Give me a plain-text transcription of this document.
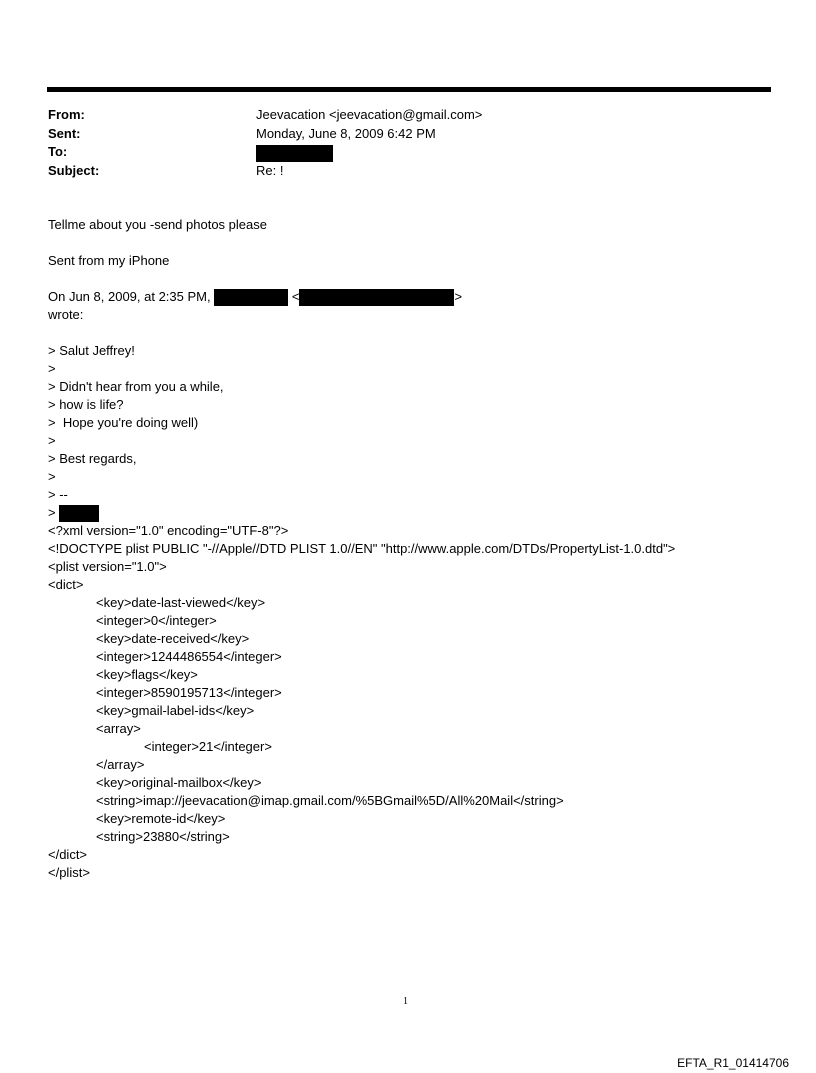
From:	Jeevacation <jeevacation@gmail.com>
Sent:	Monday, June 8, 2009 6:42 PM
To:
Subject:	Re: !
Tellme about you -send photos please
Sent from my iPhone
On Jun 8, 2009, at 2:35 PM,	<	>
wrote:
> Salut Jeffrey!
>
> Didn't hear from you a while,
> how is life?
>  Hope you're doing well)
>
> Best regards,
>
> --
>
<?xml version="1.0" encoding="UTF-8"?>
<!DOCTYPE plist PUBLIC "-//Apple//DTD PLIST 1.0//EN" "http://www.apple.com/DTDs/PropertyList-1.0.dtd">
<plist version="1.0">
<dict>
<key>date-last-viewed</key>
<integer>0</integer>
<key>date-received</key>
<integer>1244486554</integer>
<key>flags</key>
<integer>8590195713</integer>
<key>gmail-label-ids</key>
<array>
<integer>21</integer>
</array>
<key>original-mailbox</key>
<string>imap://jeevacation@imap.gmail.com/%5BGmail%5D/All%20Mail</string>
<key>remote-id</key>
<string>23880</string>
</dict>
</plist>
1
EFTA_R1_01414706
